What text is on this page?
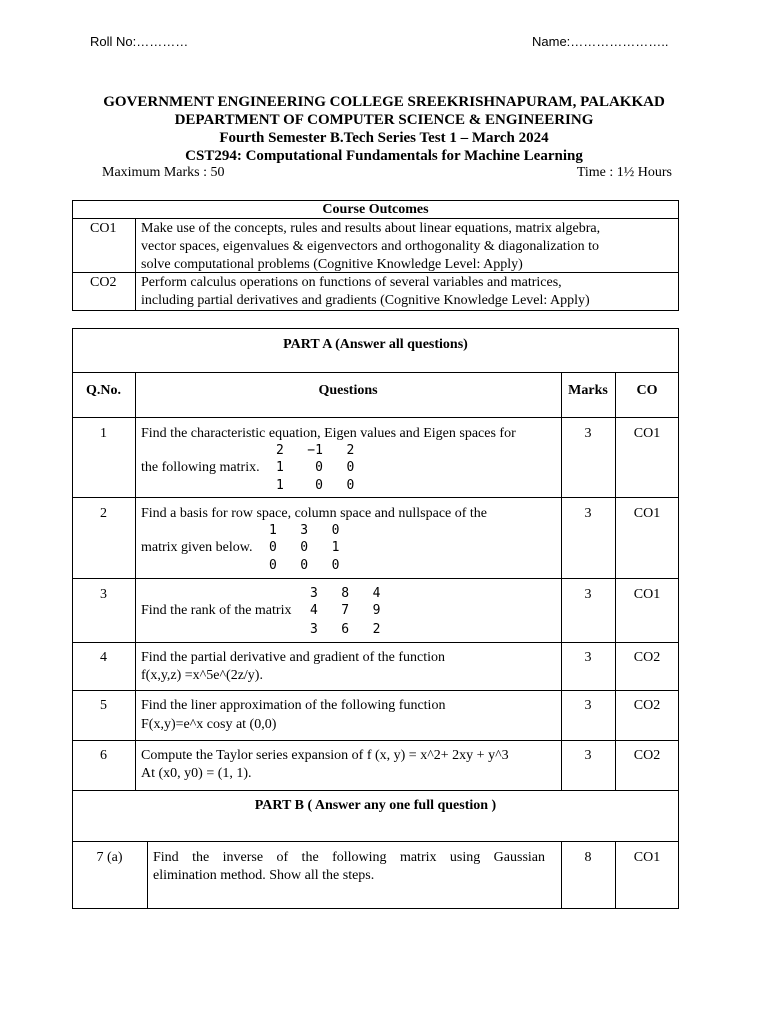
Roll No:…………	Name:…………………..
GOVERNMENT ENGINEERING COLLEGE SREEKRISHNAPURAM, PALAKKAD
DEPARTMENT OF COMPUTER SCIENCE & ENGINEERING
Fourth Semester B.Tech Series Test 1 – March 2024
CST294: Computational Fundamentals for Machine Learning
Maximum Marks : 50	Time : 1½ Hours
Course Outcomes
CO1 Make use of the concepts, rules and results about linear equations, matrix algebra,
vector spaces, eigenvalues & eigenvectors and orthogonality & diagonalization to
solve computational problems (Cognitive Knowledge Level: Apply)
CO2 Perform calculus operations on functions of several variables and matrices,
including partial derivatives and gradients (Cognitive Knowledge Level: Apply)
PART A (Answer all questions)
Q.No.	Questions	Marks	CO
1	Find the characteristic equation, Eigen values and Eigen spaces for
2   −1   2
the following matrix. 1    0   0
1    0   0
3	CO1
2	Find a basis for row space, column space and nullspace of the
1   3   0
matrix given below. 0   0   1
0   0   0
3	CO1
3	3   8   4
Find the rank of the matrix 4   7   9
3   6   2
3	CO1
4	Find the partial derivative and gradient of the function
f(x,y,z) =x^5e^(2z/y).
3	CO2
5	Find the liner approximation of the following function
F(x,y)=e^x cosy at (0,0)
3	CO2
6	Compute the Taylor series expansion of f (x, y) = x^2+ 2xy + y^3
At (x0, y0) = (1, 1).
3	CO2
PART B ( Answer any one full question )
7 (a)	Find the inverse of the following matrix using Gaussian
elimination method. Show all the steps.
8	CO1
